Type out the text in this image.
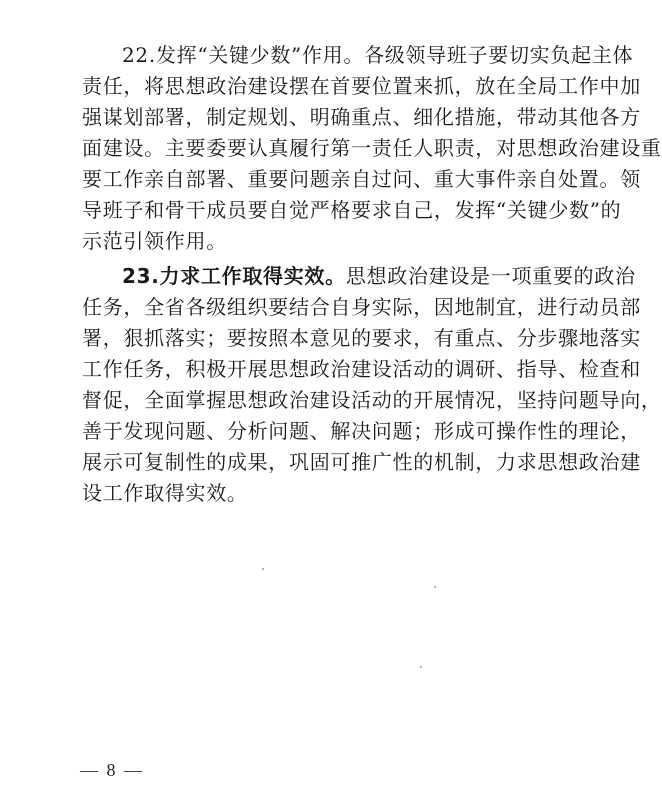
22.发挥“关键少数”作用。各级领导班子要切实负起主体
责任，将思想政治建设摆在首要位置来抓，放在全局工作中加
强谋划部署，制定规划、明确重点、细化措施，带动其他各方
面建设。主要委要认真履行第一责任人职责，对思想政治建设重
要工作亲自部署、重要问题亲自过问、重大事件亲自处置。领
导班子和骨干成员要自觉严格要求自己，发挥“关键少数”的
示范引领作用。
23.力求工作取得实效。思想政治建设是一项重要的政治
任务，全省各级组织要结合自身实际，因地制宜，进行动员部
署，狠抓落实；要按照本意见的要求，有重点、分步骤地落实
工作任务，积极开展思想政治建设活动的调研、指导、检查和
督促，全面掌握思想政治建设活动的开展情况，坚持问题导向，
善于发现问题、分析问题、解决问题；形成可操作性的理论，
展示可复制性的成果，巩固可推广性的机制，力求思想政治建
设工作取得实效。
— 8 —
